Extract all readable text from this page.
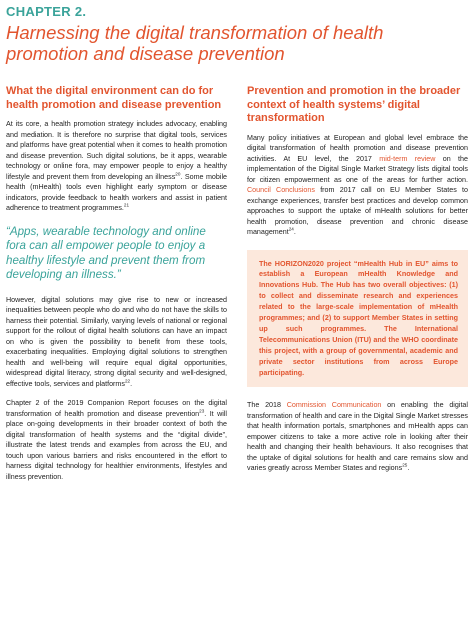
CHAPTER 2.
Harnessing the digital transformation of health promotion and disease prevention
What the digital environment can do for health promotion and disease prevention

At its core, a health promotion strategy includes advocacy, enabling and mediation. It is therefore no surprise that digital tools, services and platforms have great potential when it comes to health promotion and disease prevention. Such digital solutions, be it apps, wearable technology or online fora, may empower people to enjoy a healthy lifestyle and prevent them from developing an illness$^{20}$. Some mobile health (mHealth) tools even highlight early symptom or disease indicators, provide feedback to health workers and assist in patient adherence to treatment programmes.$^{21}$

“Apps, wearable technology and online fora can all empower people to enjoy a healthy lifestyle and prevent them from developing an illness.”

However, digital solutions may give rise to new or increased inequalities between people who do and who do not have the skills to harness their potential. Similarly, varying levels of national or regional support for the rollout of digital health solutions can have an impact on who is given the possibility to benefit from these tools, exacerbating inequalities. Employing digital solutions to strengthen health and well-being will require equal digital opportunities, widespread digital literacy, strong digital security and well-designed, effective tools, services and platforms$^{22}$.

Chapter 2 of the 2019 Companion Report focuses on the digital transformation of health promotion and disease prevention$^{23}$. It will place on-going developments in their broader context of both the digital transformation of health systems and the “digital divide”, illustrate the latest trends and examples from across the EU, and touch upon various barriers and risks encountered in the effort to harness digital technology for healthier environments, lifestyles and illness prevention.

Prevention and promotion in the broader context of health systems’ digital transformation

Many policy initiatives at European and global level embrace the digital transformation of health promotion and disease prevention activities. At EU level, the 2017 mid-term review on the implementation of the Digital Single Market Strategy lists digital tools for citizen empowerment as one of the areas for further action. Council Conclusions from 2017 call on EU Member States to exchange experiences, transfer best practices and develop common approaches to support the uptake of mHealth solutions for better health promotion, disease prevention and chronic disease management$^{24}$.

The HORIZON2020 project “mHealth Hub in EU” aims to establish a European mHealth Knowledge and Innovations Hub. The Hub has two overall objectives: (1) to collect and disseminate research and experiences related to the large-scale implementation of mHealth programmes; and (2) to support Member States in setting up such programmes. The International Telecommunications Union (ITU) and the WHO coordinate this project, with a group of governmental, academic and private sector institutions from across Europe participating.

The 2018 Commission Communication on enabling the digital transformation of health and care in the Digital Single Market stresses that health information portals, smartphones and mHealth apps can empower citizens to take a more active role in looking after their health and changing their health behaviours. It also recognises that the uptake of digital solutions for health and care remains slow and varies greatly across Member States and regions$^{25}$.
